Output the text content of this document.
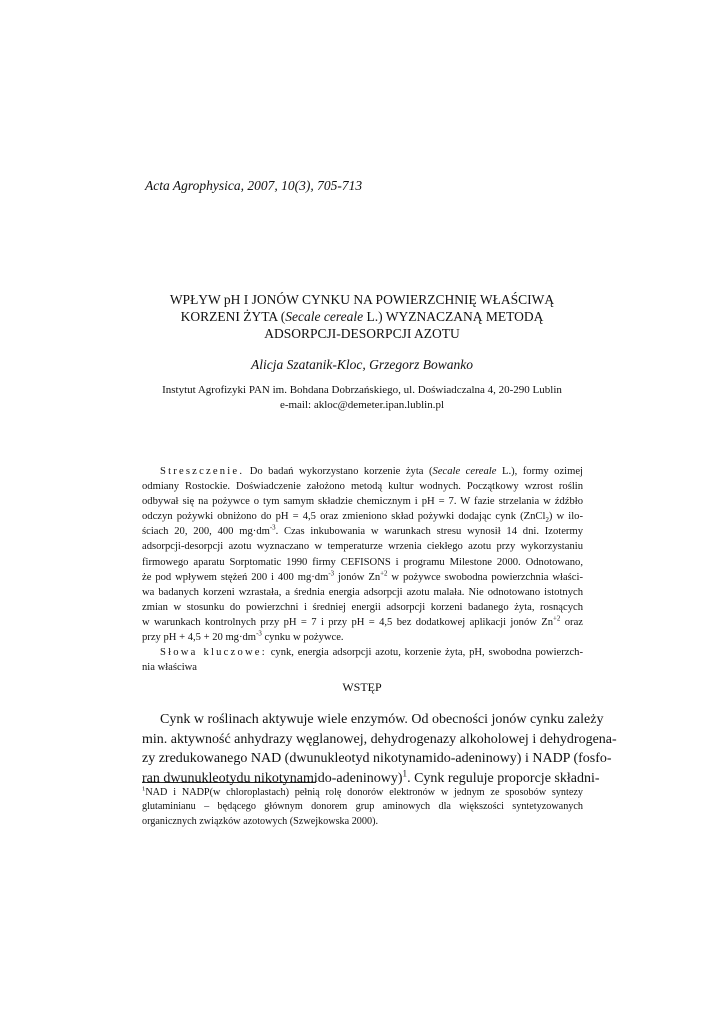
Acta Agrophysica, 2007, 10(3), 705-713
WPŁYW pH I JONÓW CYNKU NA POWIERZCHNIĘ WŁAŚCIWĄ
KORZENI ŻYTA (Secale cereale L.) WYZNACZANĄ METODĄ
ADSORPCJI-DESORPCJI AZOTU
Alicja Szatanik-Kloc, Grzegorz Bowanko
Instytut Agrofizyki PAN im. Bohdana Dobrzańskiego, ul. Doświadczalna 4, 20-290 Lublin
e-mail: akloc@demeter.ipan.lublin.pl
Streszczenie. Do badań wykorzystano korzenie żyta (Secale cereale L.), formy ozimej
odmiany Rostockie. Doświadczenie założono metodą kultur wodnych. Początkowy wzrost roślin
odbywał się na pożywce o tym samym składzie chemicznym i pH = 7. W fazie strzelania w źdźbło
odczyn pożywki obniżono do pH = 4,5 oraz zmieniono skład pożywki dodając cynk (ZnCl$_2$) w ilo-
ściach 20, 200, 400 $mg\cdot dm^{-3}$. Czas inkubowania w warunkach stresu wynosił 14 dni. Izotermy
adsorpcji-desorpcji azotu wyznaczano w temperaturze wrzenia ciekłego azotu przy wykorzystaniu
firmowego aparatu Sorptomatic 1990 firmy CEFISONS i programu Milestone 2000. Odnotowano,
że pod wpływem stężeń 200 i 400 $mg\cdot dm^{-3}$ jonów $Zn^{+2}$ w pożywce swobodna powierzchnia właści-
wa badanych korzeni wzrastała, a średnia energia adsorpcji azotu malała. Nie odnotowano istotnych
zmian w stosunku do powierzchni i średniej energii adsorpcji korzeni badanego żyta, rosnących
w warunkach kontrolnych przy pH = 7 i przy pH = 4,5 bez dodatkowej aplikacji jonów $Zn^{+2}$ oraz
przy pH + 4,5 + 20 $mg\cdot dm^{-3}$ cynku w pożywce.
Słowa kluczowe: cynk, energia adsorpcji azotu, korzenie żyta, pH, swobodna powierzch-
nia właściwa
WSTĘP
Cynk w roślinach aktywuje wiele enzymów. Od obecności jonów cynku zależy
min. aktywność anhydrazy węglanowej, dehydrogenazy alkoholowej i dehydrogena-
zy zredukowanego NAD (dwunukleotyd nikotynamido-adeninowy) i NADP (fosfo-
ran dwunukleotydu nikotynamido-adeninowy)$^1$. Cynk reguluje proporcje składni-
$^1$NAD i NADP(w chloroplastach) pełnią rolę donorów elektronów w jednym ze sposobów syntezy
glutaminianu – będącego głównym donorem grup aminowych dla większości syntetyzowanych
organicznych związków azotowych (Szwejkowska 2000).
